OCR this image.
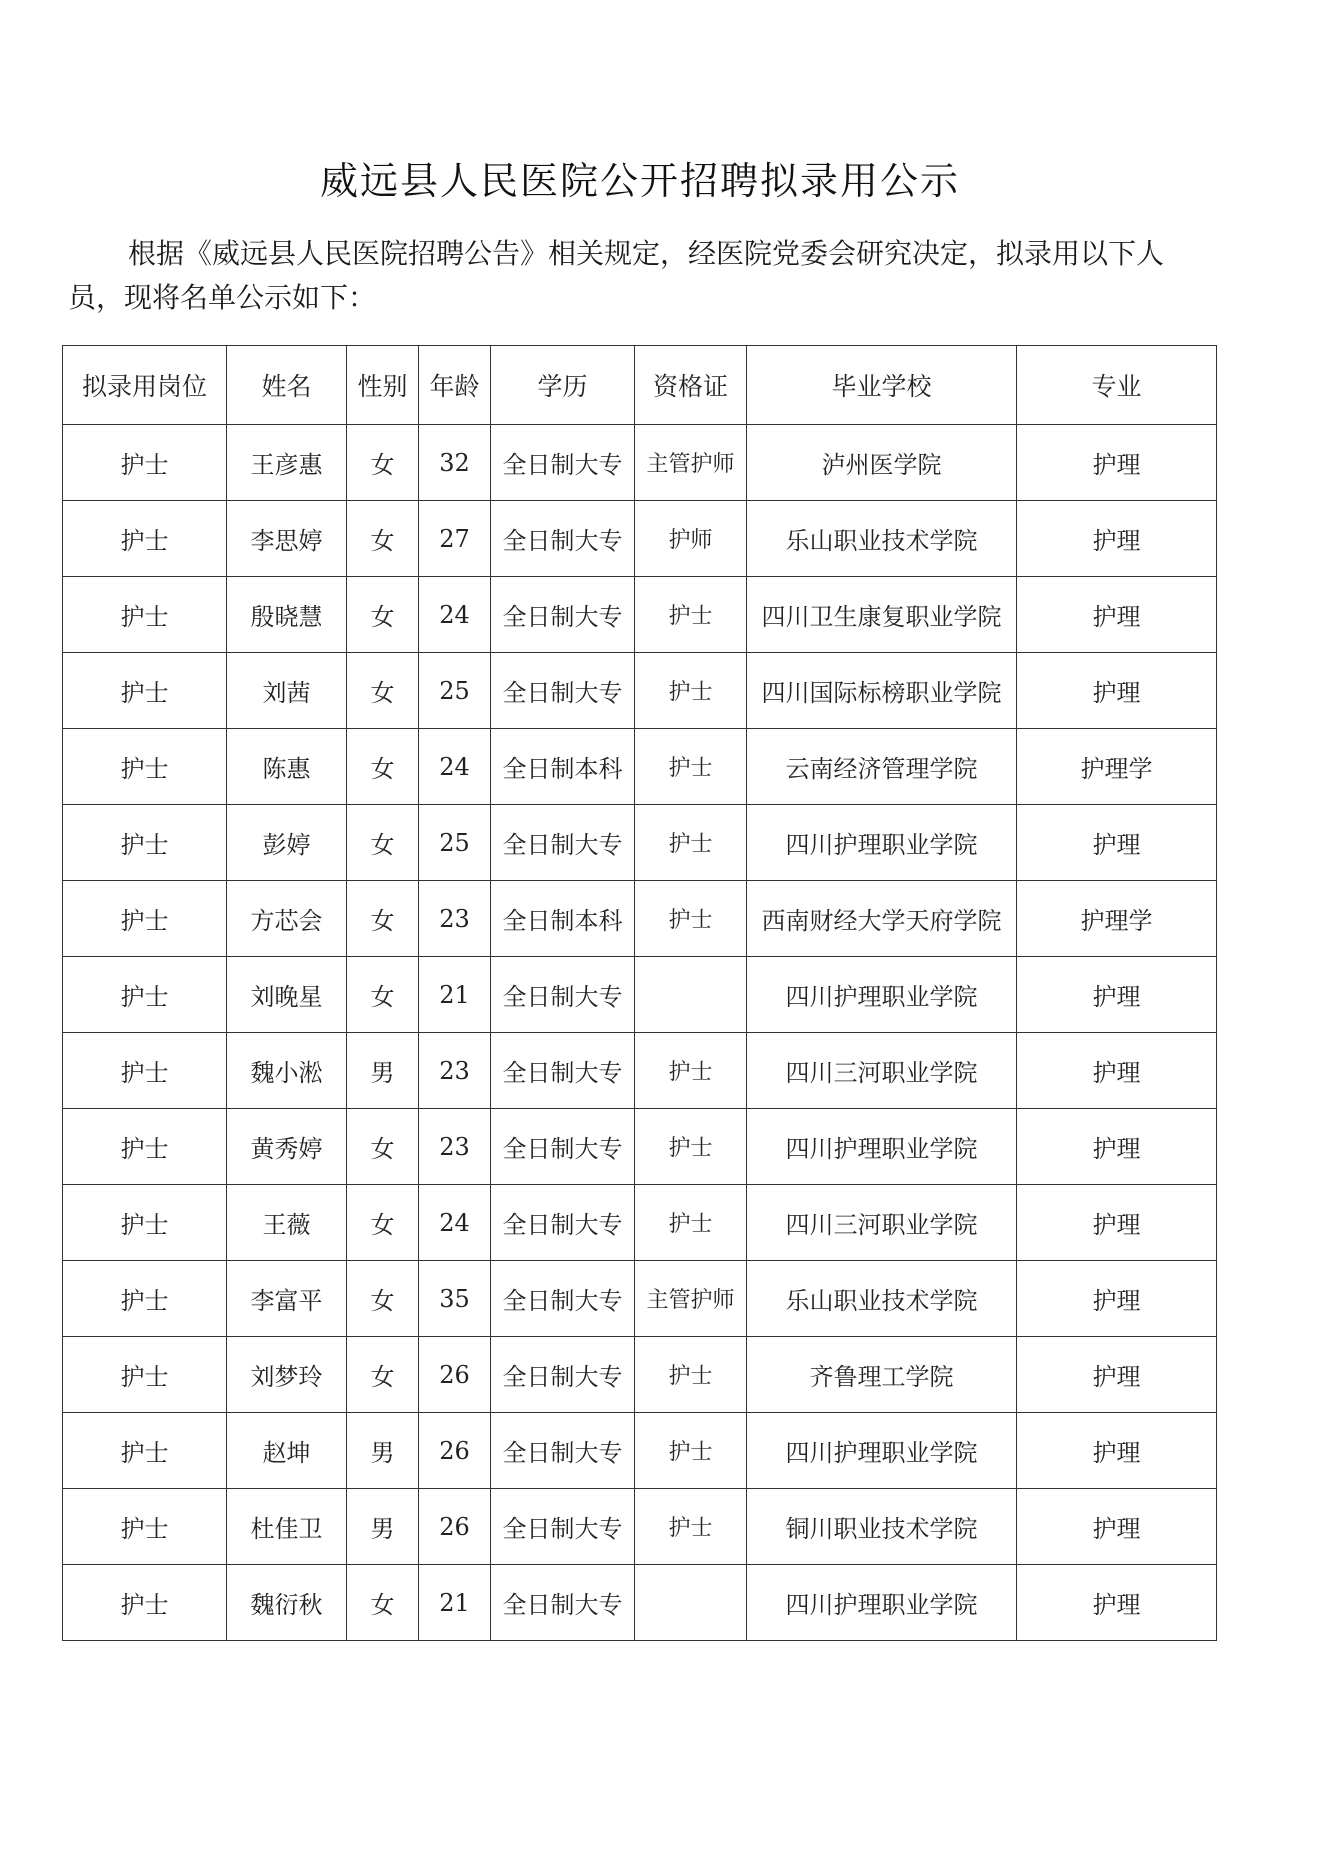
威远县人民医院公开招聘拟录用公示
根据《威远县人民医院招聘公告》相关规定，经医院党委会研究决定，拟录用以下人员，现将名单公示如下：
拟录用岗位	姓名	性别	年龄	学历	资格证	毕业学校	专业
护士	王彦惠	女	32	全日制大专	主管护师	泸州医学院	护理
护士	李思婷	女	27	全日制大专	护师	乐山职业技术学院	护理
护士	殷晓慧	女	24	全日制大专	护士	四川卫生康复职业学院	护理
护士	刘茜	女	25	全日制大专	护士	四川国际标榜职业学院	护理
护士	陈惠	女	24	全日制本科	护士	云南经济管理学院	护理学
护士	彭婷	女	25	全日制大专	护士	四川护理职业学院	护理
护士	方芯会	女	23	全日制本科	护士	西南财经大学天府学院	护理学
护士	刘晚星	女	21	全日制大专		四川护理职业学院	护理
护士	魏小淞	男	23	全日制大专	护士	四川三河职业学院	护理
护士	黄秀婷	女	23	全日制大专	护士	四川护理职业学院	护理
护士	王薇	女	24	全日制大专	护士	四川三河职业学院	护理
护士	李富平	女	35	全日制大专	主管护师	乐山职业技术学院	护理
护士	刘梦玲	女	26	全日制大专	护士	齐鲁理工学院	护理
护士	赵坤	男	26	全日制大专	护士	四川护理职业学院	护理
护士	杜佳卫	男	26	全日制大专	护士	铜川职业技术学院	护理
护士	魏衍秋	女	21	全日制大专		四川护理职业学院	护理
